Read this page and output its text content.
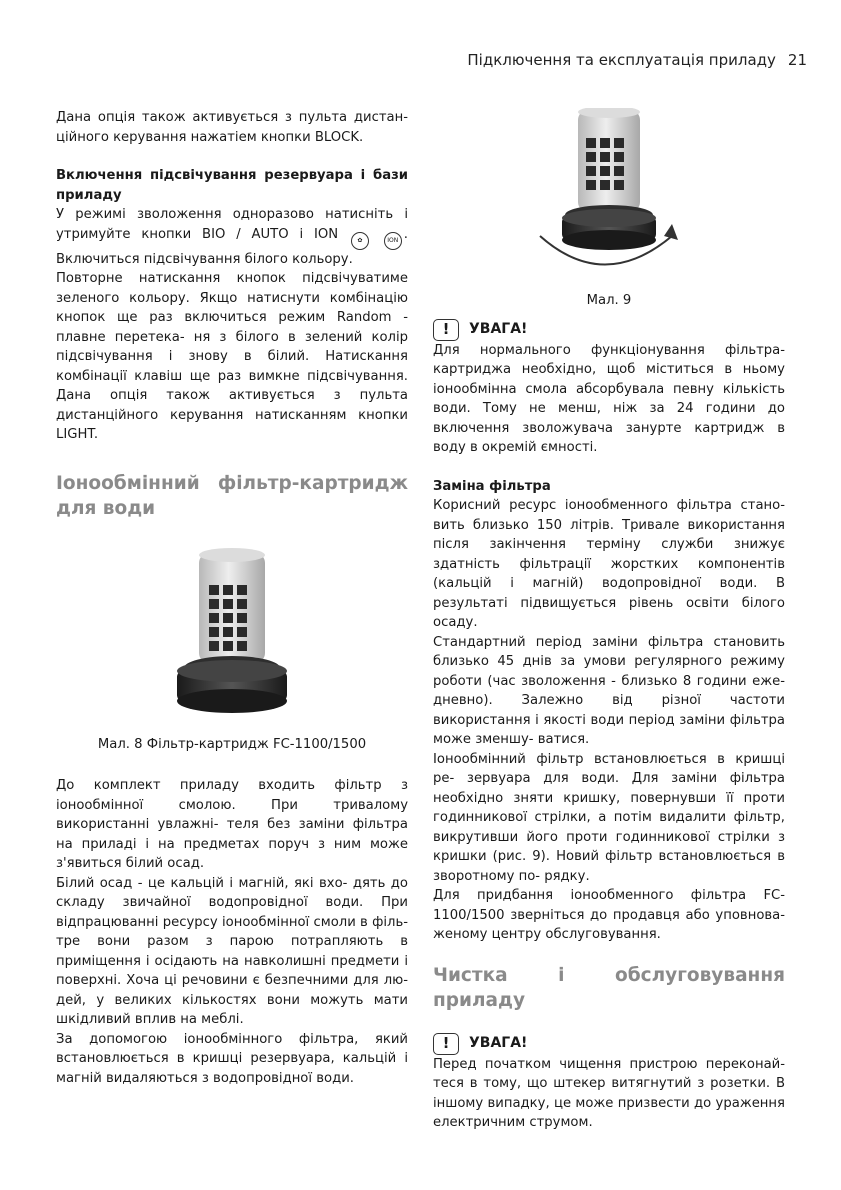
Підключення та експлуатація приладу 21

Дана опція також активується з пульта дистан- ційного керування нажатiем кнопки BLOCK.

Включення підсвічування резервуара і бази приладу

У режимі зволоження одноразово натисніть і утримуйте кнопки BIO / AUTO і ION	✿	ION . Включиться підсвічування білого кольору.

Повторне натискання кнопок підсвічуватиме зеленого кольору. Якщо натиснути комбінацію кнопок ще раз включиться режим Random - плавне перетека- ня з білого в зелений колір підсвічування і знову в білий. Натискання комбінації клавіш ще раз вимкне підсвічування. Дана опція також активується з пульта дистанційного керування натисканням кнопки LIGHT.

Іонообмінний фільтр-картридж для води

Мал. 8 Фільтр-картридж FC-1100/1500

До комплект приладу входить фільтр з іонообмінної смолою. При тривалому використанні увлажні- теля без заміни фільтра на приладі і на предметах поруч з ним може з'явиться білий осад.

Білий осад - це кальцій і магній, які вхо- дять до складу звичайної водопровідної води. При відпрацюванні ресурсу іонообмінної смоли в філь- тре вони разом з парою потрапляють в приміщення і осідають на навколишні предмети і поверхні. Хоча ці речовини є безпечними для лю- дей, у великих кількостях вони можуть мати шкідливий вплив на меблі.

За допомогою іонообмінного фільтра, який встановлюється в кришці резервуара, кальцій і магній видаляються з водопровідної води.

Мал. 9

!	УВАГА!

Для нормального функціонування фільтра- картриджа необхідно, щоб міститься в ньому іонообмінна смола абсорбувала певну кількість води. Тому не менш, ніж за 24 години до включення зволожувача занурте картридж в воду в окремій ємності.

Заміна фільтра

Корисний ресурс іонообменного фільтра стано- вить близько 150 літрів. Тривале використання після закінчення терміну служби знижує здатність фільтрації жорстких компонентів (кальцій і магній) водопровідної води. В результаті підвищується рівень освіти білого осаду.

Стандартний період заміни фільтра становить близько 45 днів за умови регулярного режиму роботи (час зволоження - близько 8 години еже- дневно). Залежно від різної частоти використання і якості води період заміни фільтра може зменшу- ватися.

Іонообмінний фільтр встановлюється в кришці ре- зервуара для води. Для заміни фільтра необхідно зняти кришку, повернувши її проти годинникової стрілки, а потім видалити фільтр, викрутивши його проти годинникової стрілки з кришки (рис. 9). Новий фільтр встановлюється в зворотному по- рядку.

Для придбання іонообменного фільтра FC- 1100/1500 зверніться до продавця або уповнова- женому центру обслуговування.

Чистка і обслуговування приладу

!	УВАГА!

Перед початком чищення пристрою переконай- теся в тому, що штекер витягнутий з розетки. В іншому випадку, це може призвести до ураження електричним струмом.
